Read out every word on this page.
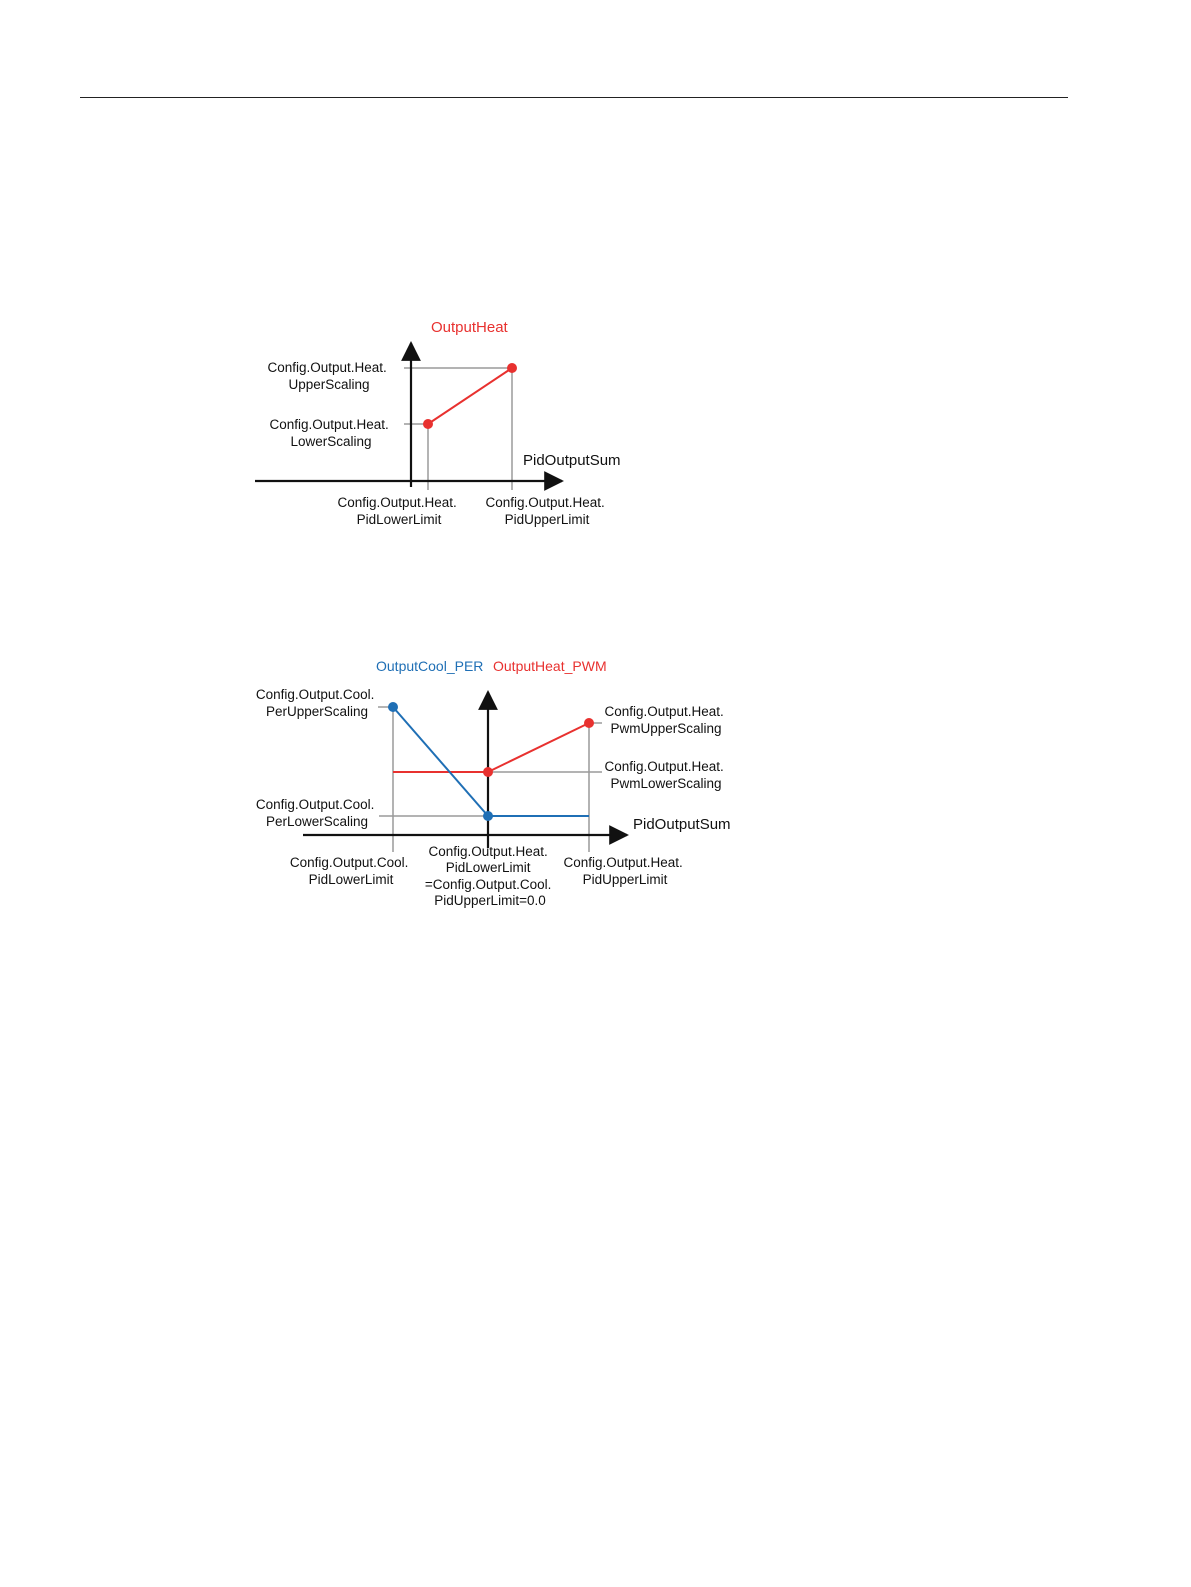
OutputHeat
PidOutputSum
Config.Output.Heat. UpperScaling
Config.Output.Heat. LowerScaling
Config.Output.Heat. PidLowerLimit
Config.Output.Heat. PidUpperLimit
OutputCool_PER OutputHeat_PWM
PidOutputSum
Config.Output.Cool. PerUpperScaling
Config.Output.Cool. PerLowerScaling
Config.Output.Heat. PwmUpperScaling
Config.Output.Heat. PwmLowerScaling
Config.Output.Cool. PidLowerLimit
Config.Output.Heat. PidLowerLimit =Config.Output.Cool. PidUpperLimit=0.0
Config.Output.Heat. PidUpperLimit
